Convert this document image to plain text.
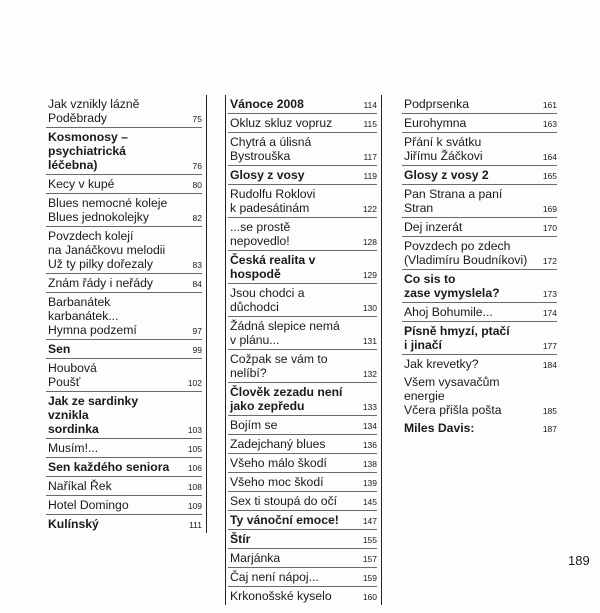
Jak vznikly lázně
Poděbrady	75
Kosmonosy –
psychiatrická léčebna)	76
Kecy v kupé	80
Blues nemocné koleje
Blues jednokolejky	82
Povzdech kolejí
na Janáčkovu melodii
Už ty pilky dořezaly	83
Znám řády i neřády	84
Barbanátek karbanátek...
Hymna podzemí	97
Sen	99
Houbová
Poušť	102
Jak ze sardinky vznikla
sordinka	103
Musím!...	105
Sen každého seniora	106
Naříkal Řek	108
Hotel Domingo	109
Kulínský	111
Vánoce 2008	114
Okluz skluz vopruz	115
Chytrá a úlisná
Bystrouška	117
Glosy z vosy	119
Rudolfu Roklovi
k padesátinám	122
...se prostě nepovedlo!	128
Česká realita v hospodě	129
Jsou chodci a důchodci	130
Žádná slepice nemá
v plánu...	131
Cožpak se vám to
nelíbí?	132
Člověk zezadu není
jako zepředu	133
Bojím se	134
Zadejchaný blues	136
Všeho málo škodí	138
Všeho moc škodí	139
Sex ti stoupá do očí	145
Ty vánoční emoce!	147
Štír	155
Marjánka	157
Čaj není nápoj...	159
Krkonošské kyselo	160
Podprsenka	161
Eurohymna	163
Přání k svátku
Jiřímu Žáčkovi	164
Glosy z vosy 2	165
Pan Strana a paní Stran	169
Dej inzerát	170
Povzdech po zdech
(Vladimíru Boudníkovi)	172
Co sis to
zase vymyslela?	173
Ahoj Bohumile...	174
Písně hmyzí, ptačí
i jinačí	177
Jak krevetky?	184
Všem vysavačům energie
Včera přišla pošta	185
Miles Davis:	187
189
